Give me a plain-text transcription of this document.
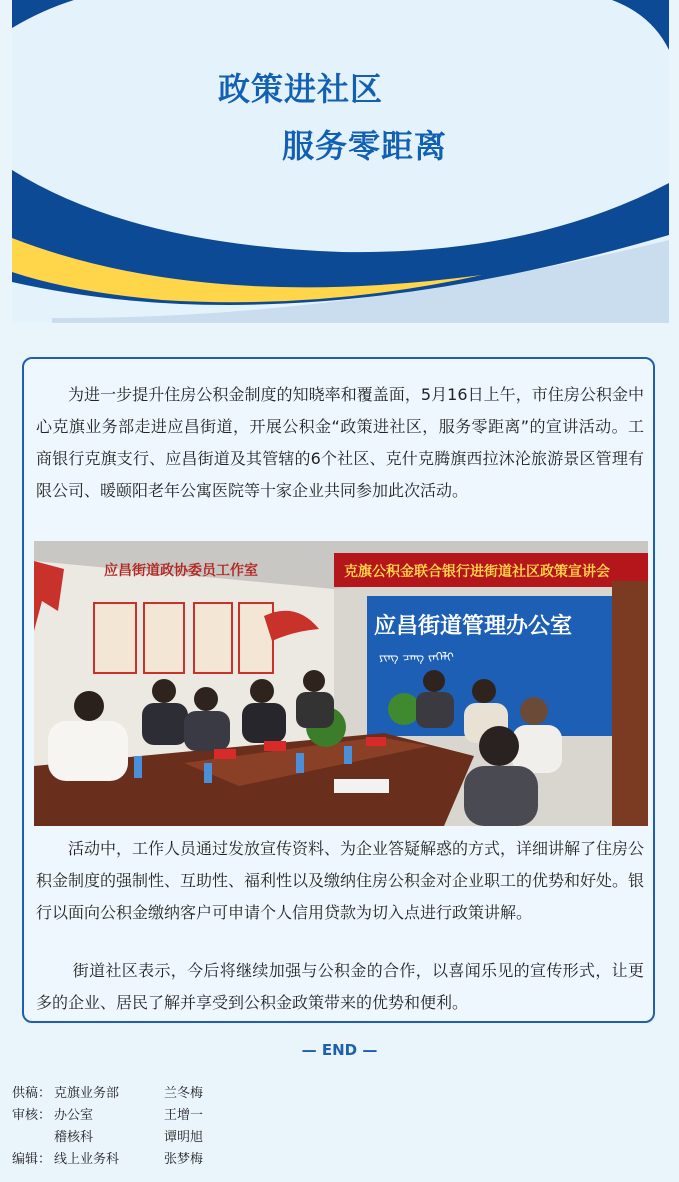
政策进社区
服务零距离

为进一步提升住房公积金制度的知晓率和覆盖面，5月16日上午，市住房公积金中心克旗业务部走进应昌街道，开展公积金“政策进社区，服务零距离”的宣讲活动。工商银行克旗支行、应昌街道及其管辖的6个社区、克什克腾旗西拉沐沦旅游景区管理有限公司、暖颐阳老年公寓医院等十家企业共同参加此次活动。

应昌街道政协委员工作室	克旗公积金联合银行进街道社区政策宣讲会
应昌街道管理办公室
ᠶᠢᠩ ᠴᠠᠩ ᠵᠡᠭᠡᠯᠢ

活动中，工作人员通过发放宣传资料、为企业答疑解惑的方式，详细讲解了住房公积金制度的强制性、互助性、福利性以及缴纳住房公积金对企业职工的优势和好处。银行以面向公积金缴纳客户可申请个人信用贷款为切入点进行政策讲解。

街道社区表示，今后将继续加强与公积金的合作，以喜闻乐见的宣传形式，让更多的企业、居民了解并享受到公积金政策带来的优势和便利。

— END —
供稿： 克旗业务部	兰冬梅
审核： 办公室	王增一
稽核科	谭明旭
编辑： 线上业务科	张梦梅
